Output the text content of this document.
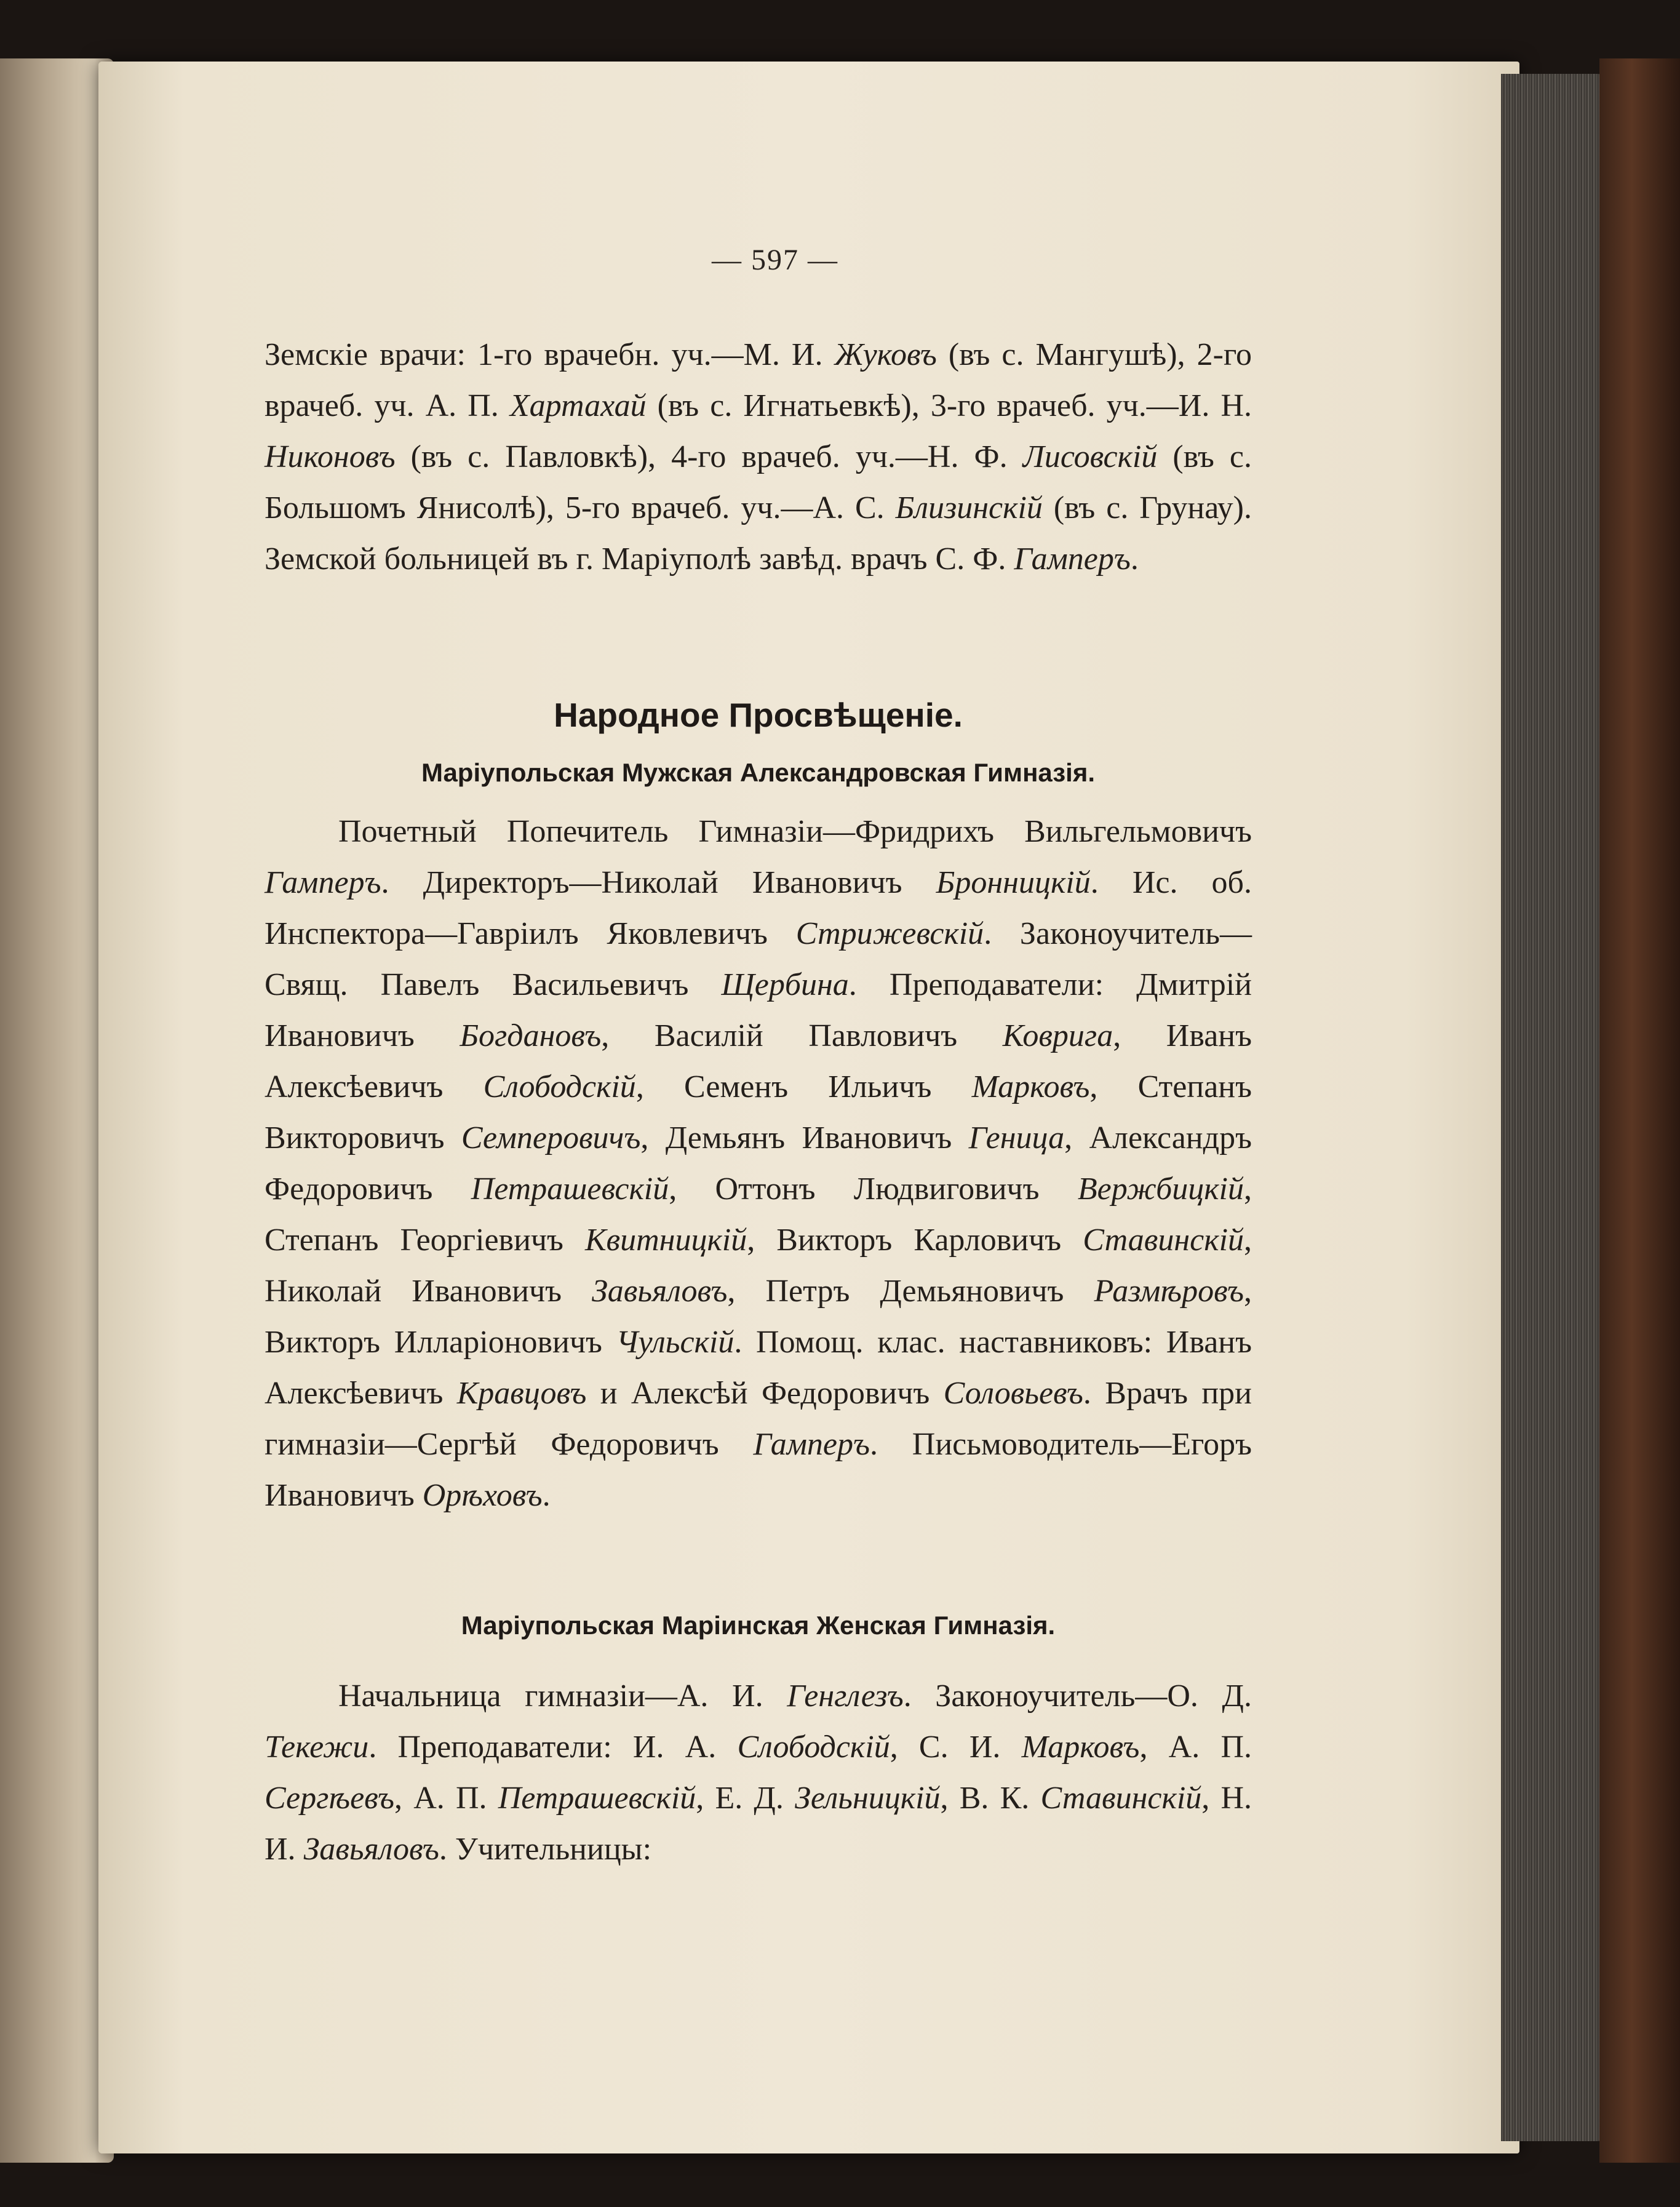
— 597 —
Земскіе врачи: 1-го врачебн. уч.—М. И. Жуковъ (въ с. Мангушѣ), 2-го врачеб. уч. А. П. Хартахай (въ с. Игнатьевкѣ), 3-го врачеб. уч.—И. Н. Никоновъ (въ с. Павловкѣ), 4-го врачеб. уч.—Н. Ф. Лисовскій (въ с. Большомъ Янисолѣ), 5-го врачеб. уч.—А. С. Близинскій (въ с. Грунау). Земской больницей въ г. Маріуполѣ завѣд. врачъ С. Ф. Гамперъ.
Народное Просвѣщеніе.
Маріупольская Мужская Александровская Гимназія.
Почетный Попечитель Гимназіи—Фридрихъ Вильгельмовичъ Гамперъ. Директоръ—Николай Ивановичъ Бронницкій. Ис. об. Инспектора—Гаврiилъ Яковлевичъ Стрижевскій. Законоучитель—Свящ. Павелъ Васильевичъ Щербина. Преподаватели: Дмитрій Ивановичъ Богдановъ, Василій Павловичъ Коврига, Иванъ Алексѣевичъ Слободскій, Семенъ Ильичъ Марковъ, Степанъ Викторовичъ Семперовичъ, Демьянъ Ивановичъ Геница, Александръ Федоровичъ Петрашевскій, Оттонъ Людвиговичъ Вержбицкій, Степанъ Георгіевичъ Квитницкій, Викторъ Карловичъ Ставинскій, Николай Ивановичъ Завьяловъ, Петръ Демьяновичъ Размѣровъ, Викторъ Илларіоновичъ Чульскій. Помощ. клас. наставниковъ: Иванъ Алексѣевичъ Кравцовъ и Алексѣй Федоровичъ Соловьевъ. Врачъ при гимназіи—Сергѣй Федоровичъ Гамперъ. Письмоводитель—Егоръ Ивановичъ Орѣховъ.
Маріупольская Маріинская Женская Гимназія.
Начальница гимназіи—А. И. Генглезъ. Законоучитель—О. Д. Текежи. Преподаватели: И. А. Слободскій, С. И. Марковъ, А. П. Сергѣевъ, А. П. Петрашевскій, Е. Д. Зельницкій, В. К. Ставинскій, Н. И. Завьяловъ. Учительницы:
